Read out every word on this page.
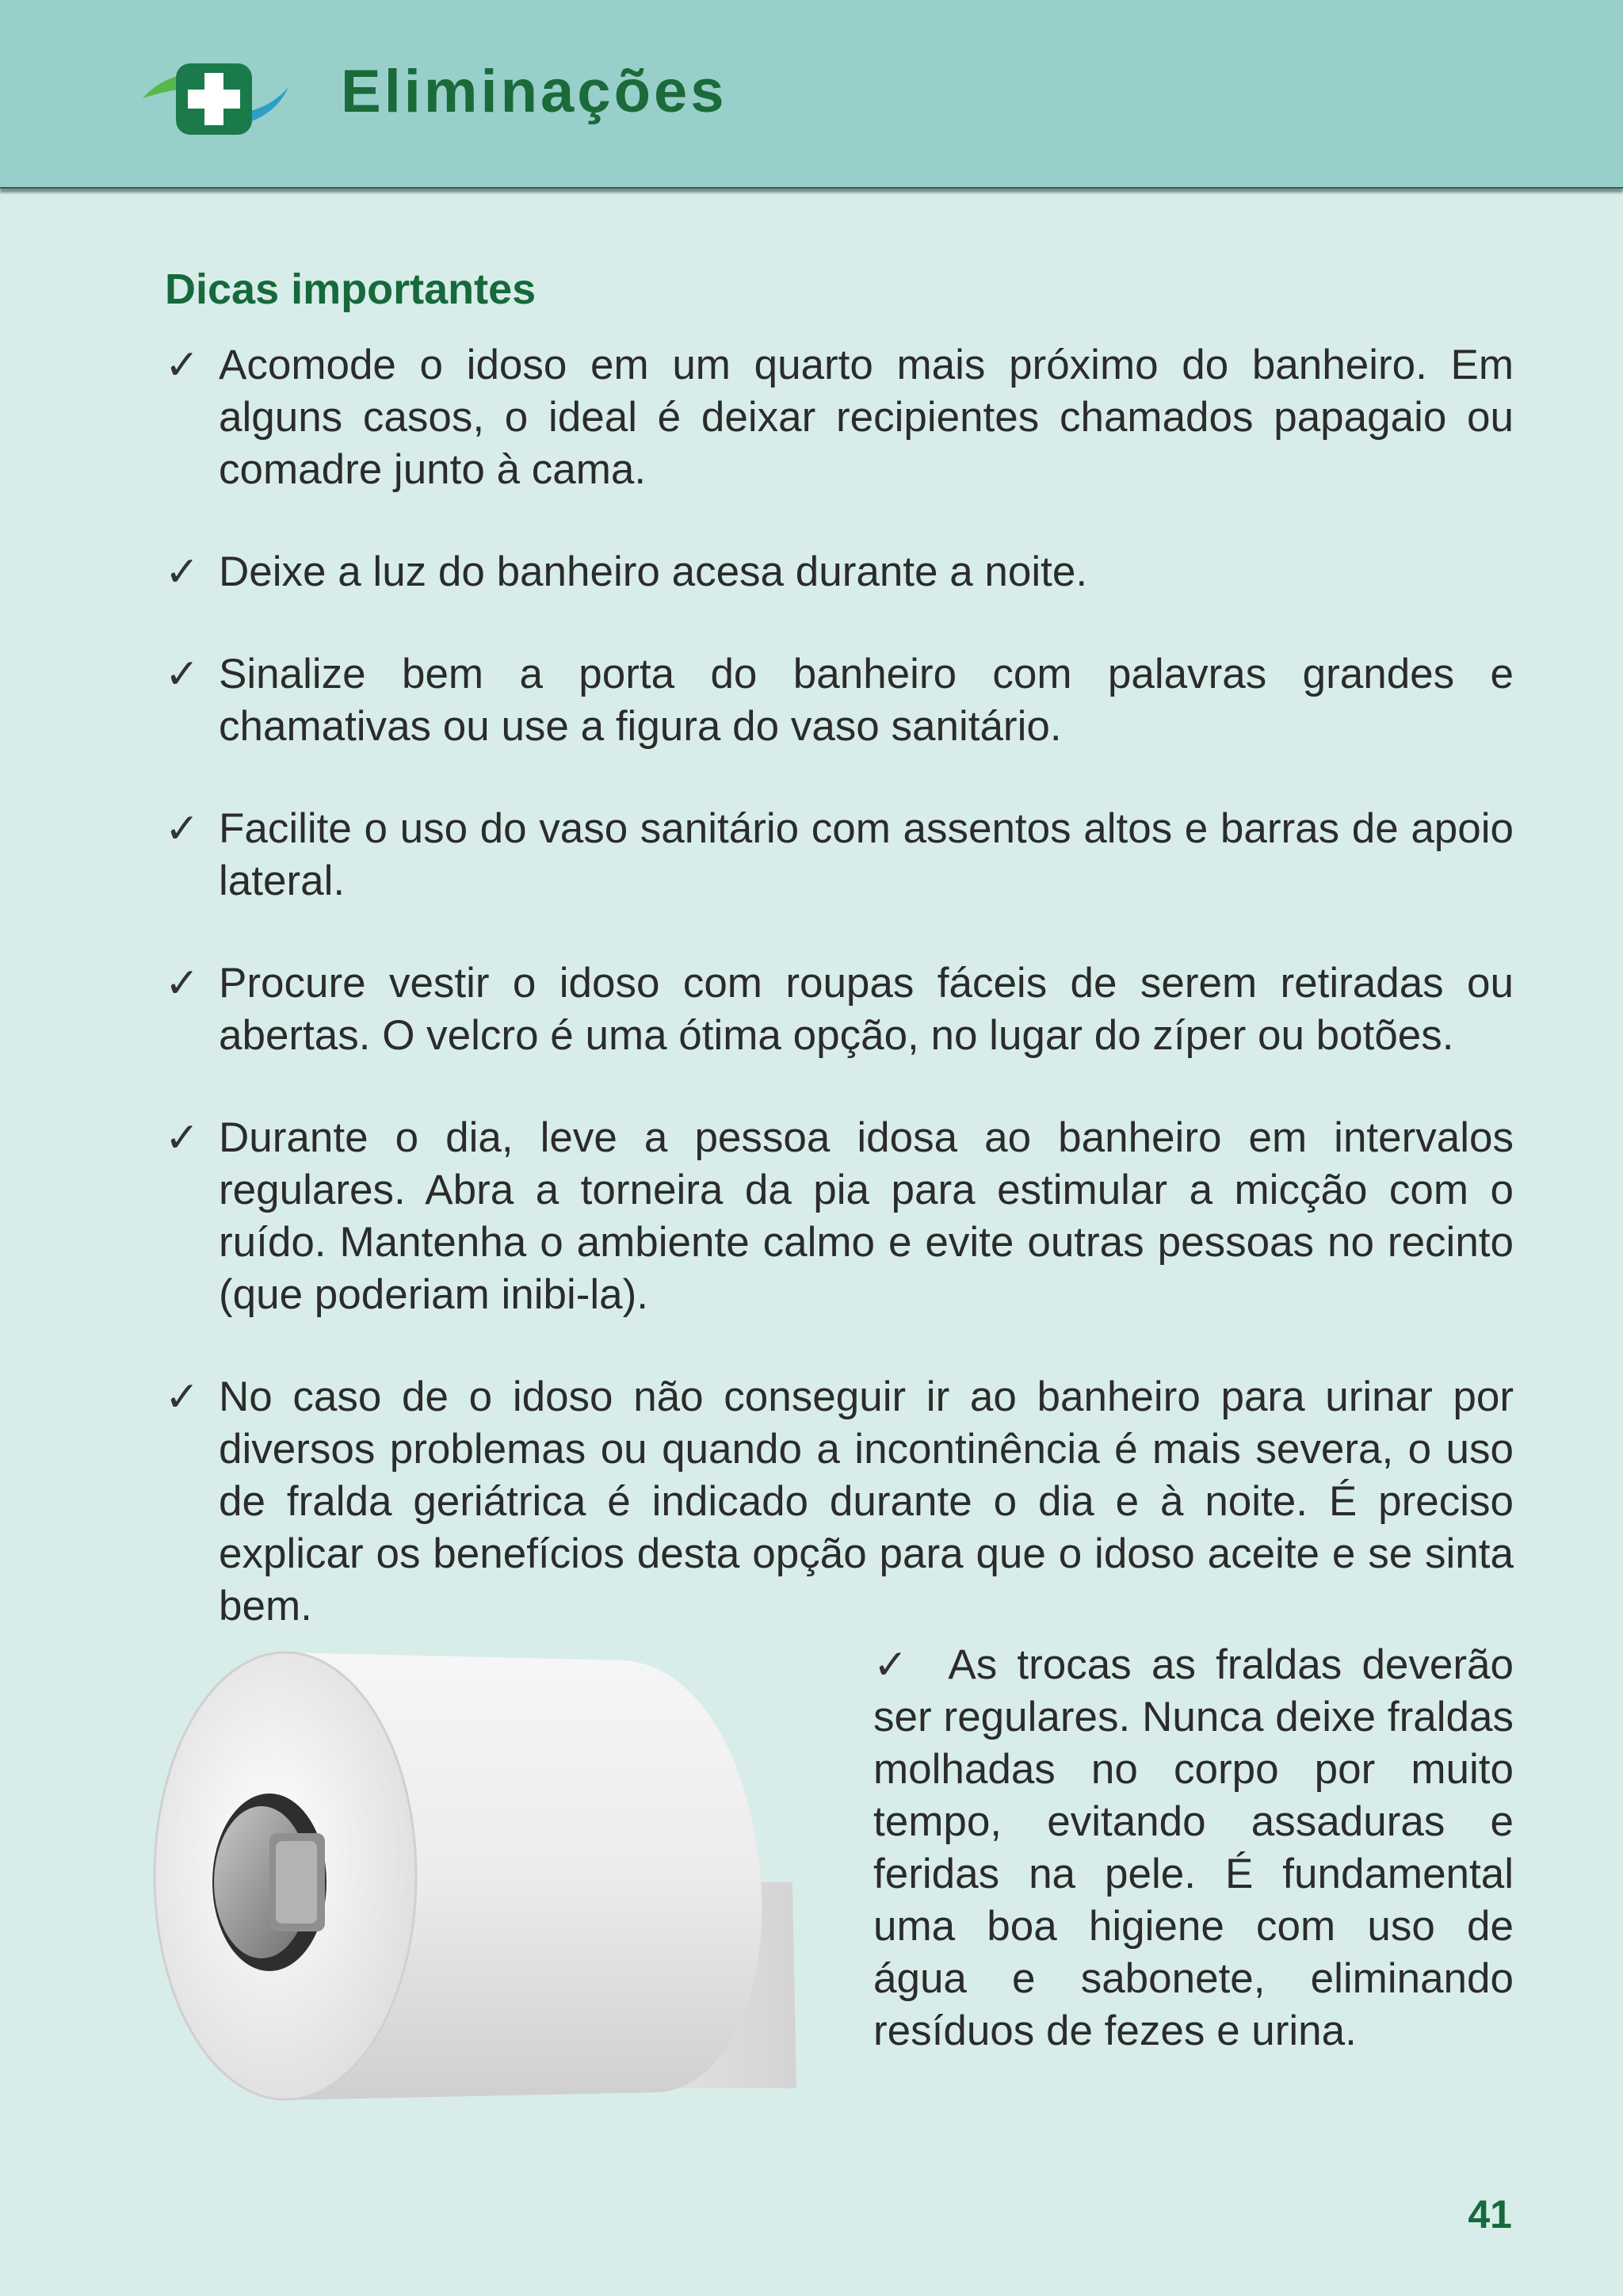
Eliminações
Dicas importantes
✓ Acomode o idoso em um quarto mais próximo do banheiro. Em alguns casos, o ideal é deixar recipientes chamados papagaio ou comadre junto à cama.
✓ Deixe a luz do banheiro acesa durante a noite.
✓ Sinalize bem a porta do banheiro com palavras grandes e chamativas ou use a figura do vaso sanitário.
✓ Facilite o uso do vaso sanitário com assentos altos e barras de apoio lateral.
✓ Procure vestir o idoso com roupas fáceis de serem retiradas ou abertas. O velcro é uma ótima opção, no lugar do zíper ou botões.
✓ Durante o dia, leve a pessoa idosa ao banheiro em intervalos regulares. Abra a torneira da pia para estimular a micção com o ruído. Mantenha o ambiente calmo e evite outras pessoas no recinto (que poderiam inibi-la).
✓ No caso de o idoso não conseguir ir ao banheiro para urinar por diversos problemas ou quando a incontinência é mais severa, o uso de fralda geriátrica é indicado durante o dia e à noite. É preciso explicar os benefícios desta opção para que o idoso aceite e se sinta bem.
✓ As trocas as fraldas deverão ser regulares. Nunca deixe fraldas molhadas no corpo por muito tempo, evitando assaduras e feridas na pele. É fundamental uma boa higiene com uso de água e sabonete, eliminando resíduos de fezes e urina.
41
